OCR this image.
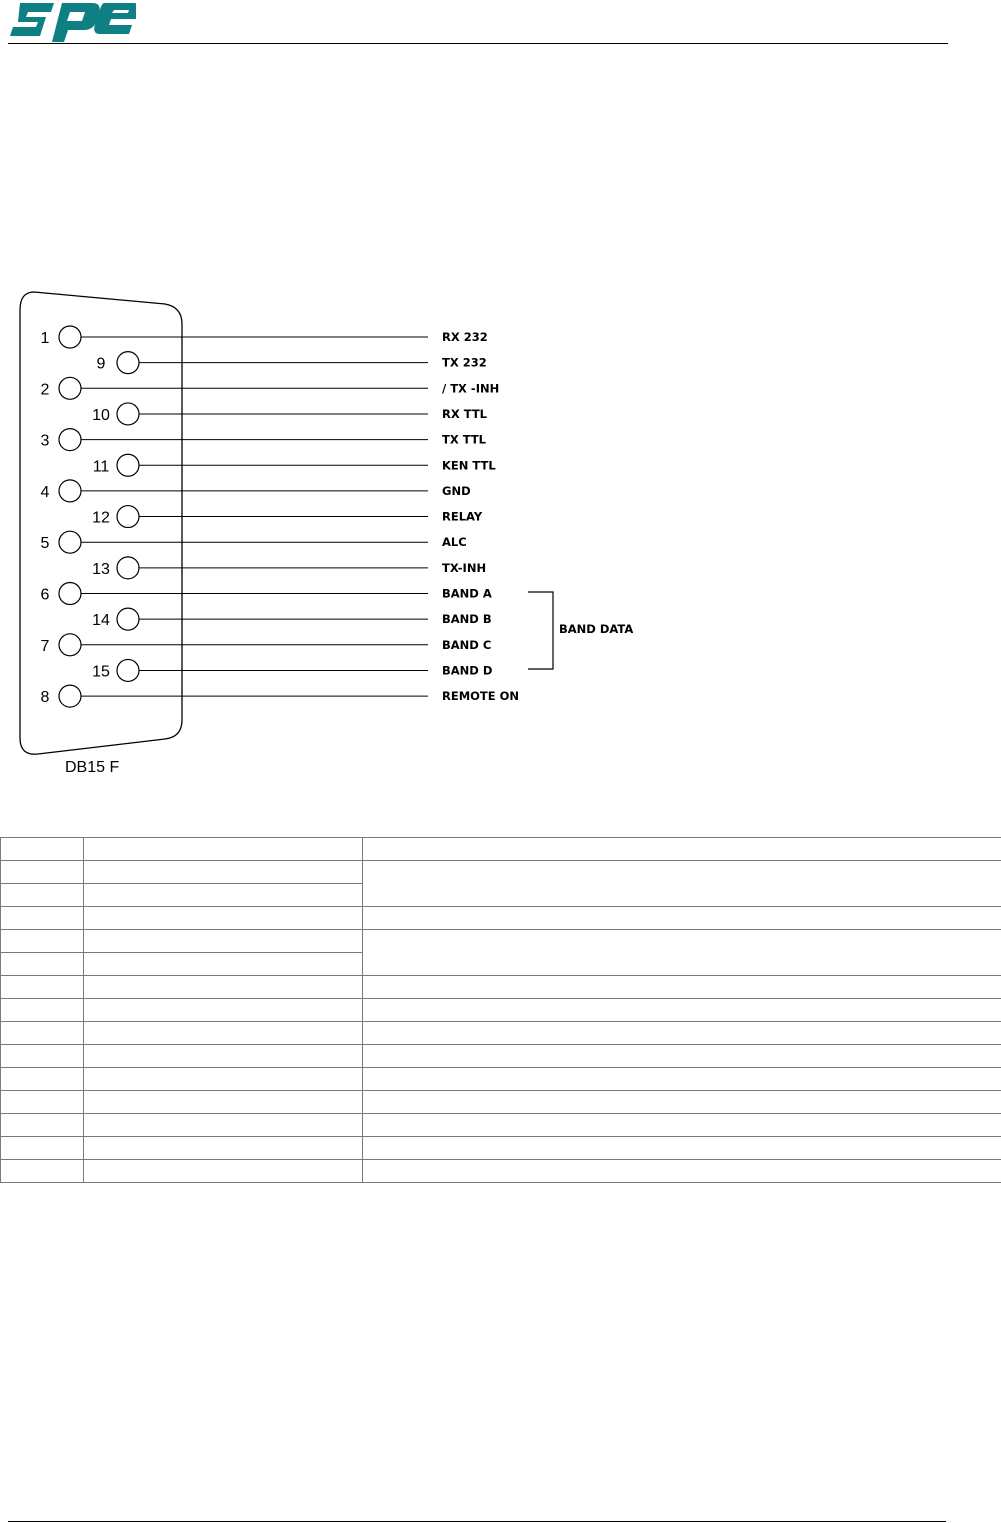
1	RX 232
9	TX 232
2	/ TX -INH
10	RX TTL
3	TX TTL
11	KEN TTL
4	GND
12	RELAY
5	ALC
13	TX-INH
6	BAND A
14	BAND B
7	BAND C
15	BAND D
8	REMOTE ON
BAND DATA
DB15 F
